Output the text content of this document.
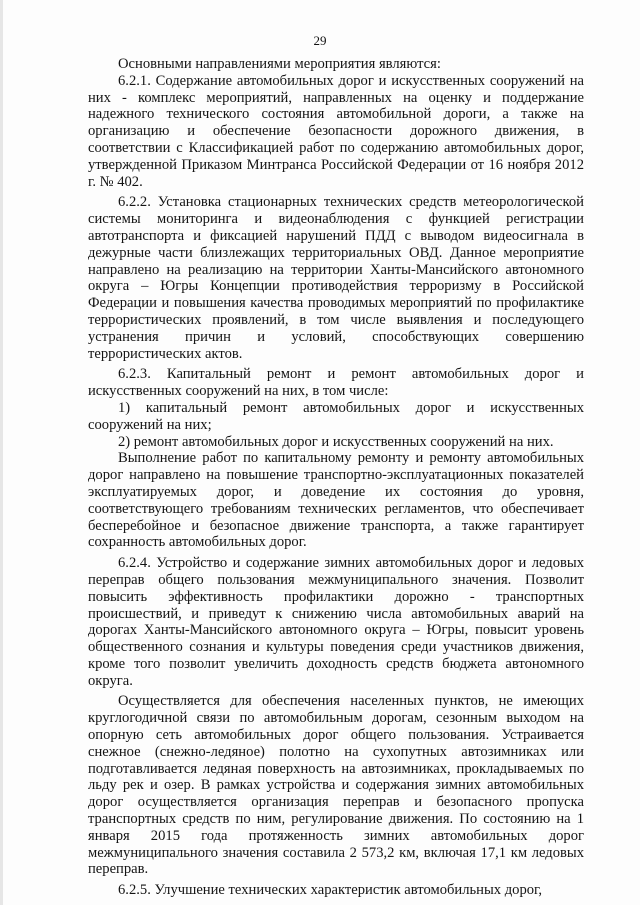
29

Основными направлениями мероприятия являются:

6.2.1. Содержание автомобильных дорог и искусственных сооружений на них - комплекс мероприятий, направленных на оценку и поддержание надежного технического состояния автомобильной дороги, а также на организацию и обеспечение безопасности дорожного движения, в соответствии с Классификацией работ по содержанию автомобильных дорог, утвержденной Приказом Минтранса Российской Федерации от 16 ноября 2012 г. № 402.

6.2.2. Установка стационарных технических средств метеорологической системы мониторинга и видеонаблюдения с функцией регистрации автотранспорта и фиксацией нарушений ПДД с выводом видеосигнала в дежурные части близлежащих территориальных ОВД. Данное мероприятие направлено на реализацию на территории Ханты-Мансийского автономного округа – Югры Концепции противодействия терроризму в Российской Федерации и повышения качества проводимых мероприятий по профилактике террористических проявлений, в том числе выявления и последующего устранения причин и условий, способствующих совершению террористических актов.

6.2.3. Капитальный ремонт и ремонт автомобильных дорог и искусственных сооружений на них, в том числе:

1) капитальный ремонт автомобильных дорог и искусственных сооружений на них;

2) ремонт автомобильных дорог и искусственных сооружений на них.

Выполнение работ по капитальному ремонту и ремонту автомобильных дорог направлено на повышение транспортно-эксплуатационных показателей эксплуатируемых дорог, и доведение их состояния до уровня, соответствующего требованиям технических регламентов, что обеспечивает бесперебойное и безопасное движение транспорта, а также гарантирует сохранность автомобильных дорог.

6.2.4. Устройство и содержание зимних автомобильных дорог и ледовых переправ общего пользования межмуниципального значения. Позволит повысить эффективность профилактики дорожно - транспортных происшествий, и приведут к снижению числа автомобильных аварий на дорогах Ханты-Мансийского автономного округа – Югры, повысит уровень общественного сознания и культуры поведения среди участников движения, кроме того позволит увеличить доходность средств бюджета автономного округа.

Осуществляется для обеспечения населенных пунктов, не имеющих круглогодичной связи по автомобильным дорогам, сезонным выходом на опорную сеть автомобильных дорог общего пользования. Устраивается снежное (снежно-ледяное) полотно на сухопутных автозимниках или подготавливается ледяная поверхность на автозимниках, прокладываемых по льду рек и озер. В рамках устройства и содержания зимних автомобильных дорог осуществляется организация переправ и безопасного пропуска транспортных средств по ним, регулирование движения. По состоянию на 1 января 2015 года протяженность зимних автомобильных дорог межмуниципального значения составила 2 573,2 км, включая 17,1 км ледовых переправ.

6.2.5. Улучшение технических характеристик автомобильных дорог,
